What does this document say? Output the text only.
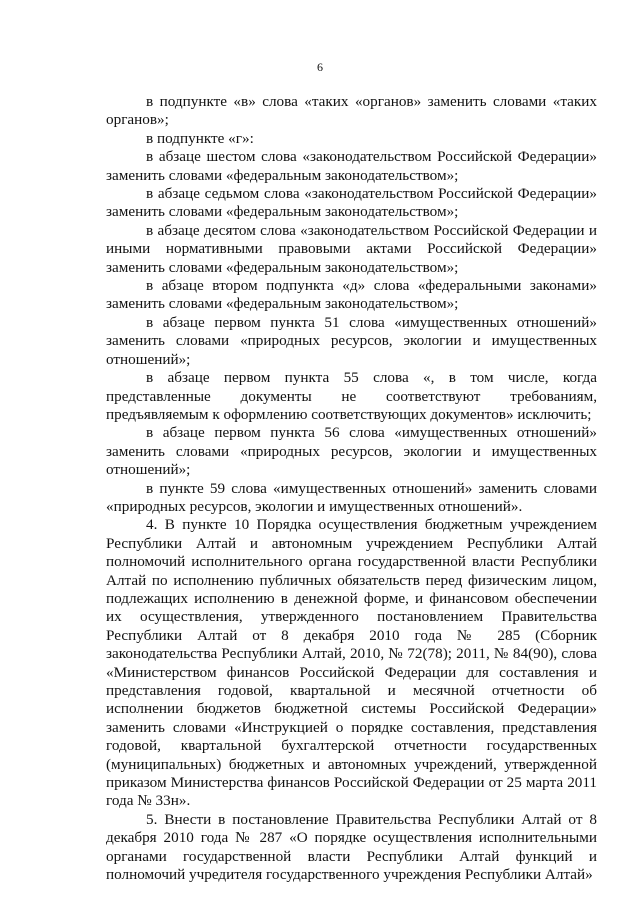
6

в подпункте «в» слова «таких «органов» заменить словами «таких органов»;

в подпункте «г»:

в абзаце шестом слова «законодательством Российской Федерации» заменить словами «федеральным законодательством»;

в абзаце седьмом слова «законодательством Российской Федерации» заменить словами «федеральным законодательством»;

в абзаце десятом слова «законодательством Российской Федерации и иными нормативными правовыми актами Российской Федерации» заменить словами «федеральным законодательством»;

в абзаце втором подпункта «д» слова «федеральными законами» заменить словами «федеральным законодательством»;

в абзаце первом пункта 51 слова «имущественных отношений» заменить словами «природных ресурсов, экологии и имущественных отношений»;

в абзаце первом пункта 55 слова «, в том числе, когда представленные документы не соответствуют требованиям, предъявляемым к оформлению соответствующих документов» исключить;

в абзаце первом пункта 56 слова «имущественных отношений» заменить словами «природных ресурсов, экологии и имущественных отношений»;

в пункте 59 слова «имущественных отношений» заменить словами «природных ресурсов, экологии и имущественных отношений».

4. В пункте 10 Порядка осуществления бюджетным учреждением Республики Алтай и автономным учреждением Республики Алтай полномочий исполнительного органа государственной власти Республики Алтай по исполнению публичных обязательств перед физическим лицом, подлежащих исполнению в денежной форме, и финансовом обеспечении их осуществления, утвержденного постановлением Правительства Республики Алтай от 8 декабря 2010 года № 285 (Сборник законодательства Республики Алтай, 2010, № 72(78); 2011, № 84(90), слова «Министерством финансов Российской Федерации для составления и представления годовой, квартальной и месячной отчетности об исполнении бюджетов бюджетной системы Российской Федерации» заменить словами «Инструкцией о порядке составления, представления годовой, квартальной бухгалтерской отчетности государственных (муниципальных) бюджетных и автономных учреждений, утвержденной приказом Министерства финансов Российской Федерации от 25 марта 2011 года № 33н».

5. Внести в постановление Правительства Республики Алтай от 8 декабря 2010 года № 287 «О порядке осуществления исполнительными органами государственной власти Республики Алтай функций и полномочий учредителя государственного учреждения Республики Алтай»
